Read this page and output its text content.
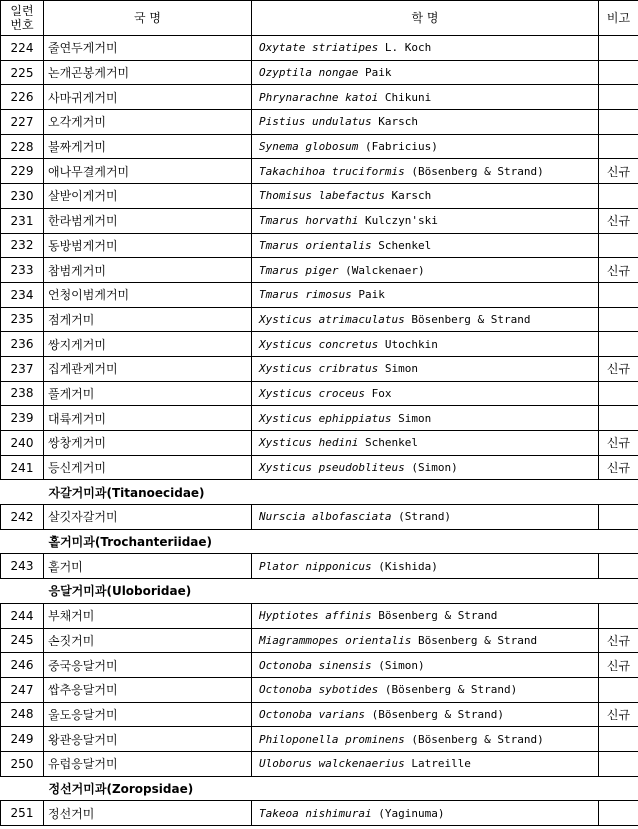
일련
번호	국 명	학 명	비고
224	줄연두게거미	Oxytate striatipes L. Koch	
225	논개곤봉게거미	Ozyptila nongae Paik	
226	사마귀게거미	Phrynarachne katoi Chikuni	
227	오각게거미	Pistius undulatus Karsch	
228	불짜게거미	Synema globosum (Fabricius)	
229	애나무결게거미	Takachihoa truciformis (Bösenberg & Strand)	신규
230	살받이게거미	Thomisus labefactus Karsch	
231	한라범게거미	Tmarus horvathi Kulczyn'ski	신규
232	동방범게거미	Tmarus orientalis Schenkel	
233	참범게거미	Tmarus piger (Walckenaer)	신규
234	언청이범게거미	Tmarus rimosus Paik	
235	점게거미	Xysticus atrimaculatus Bösenberg & Strand	
236	쌍지게거미	Xysticus concretus Utochkin	
237	집게관게거미	Xysticus cribratus Simon	신규
238	풀게거미	Xysticus croceus Fox	
239	대륙게거미	Xysticus ephippiatus Simon	
240	쌍창게거미	Xysticus hedini Schenkel	신규
241	등신게거미	Xysticus pseudobliteus (Simon)	신규
자갈거미과(Titanoecidae)			
242	살깃자갈거미	Nurscia albofasciata (Strand)	
홑거미과(Trochanteriidae)			
243	홑거미	Plator nipponicus (Kishida)	
응달거미과(Uloboridae)			
244	부채거미	Hyptiotes affinis Bösenberg & Strand	
245	손짓거미	Miagrammopes orientalis Bösenberg & Strand	신규
246	중국응달거미	Octonoba sinensis (Simon)	신규
247	쌉추응달거미	Octonoba sybotides (Bösenberg & Strand)	
248	울도응달거미	Octonoba varians (Bösenberg & Strand)	신규
249	왕관응달거미	Philoponella prominens (Bösenberg & Strand)	
250	유럽응달거미	Uloborus walckenaerius Latreille	
정선거미과(Zoropsidae)			
251	정선거미	Takeoa nishimurai (Yaginuma)	
